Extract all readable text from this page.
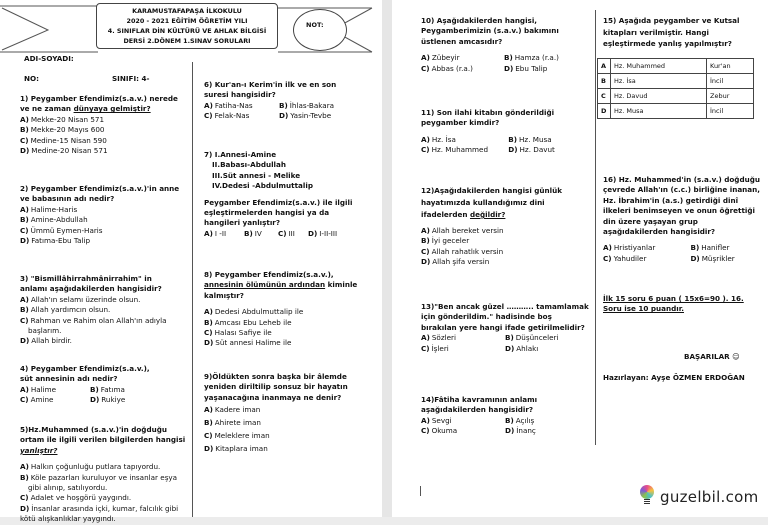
KARAMUSTAFAPAŞA İLKOKULU
2020 - 2021 EĞİTİM ÖĞRETİM YILI
4. SINIFLAR DİN KÜLTÜRÜ VE AHLAK BİLGİSİ
DERSİ 2.DÖNEM 1.SINAV SORULARI
NOT:
ADI-SOYADI:
NO:	SINIFI: 4-
1) Peygamber Efendimiz(s.a.v.) nerede ve ne zaman dünyaya gelmiştir?
A) Mekke-20 Nisan 571
B) Mekke-20 Mayıs 600
C) Medine-15 Nisan 590
D) Medine-20 Nisan 571
2) Peygamber Efendimiz(s.a.v.)'in anne ve babasının adı nedir?
A) Halime-Haris
B) Amine-Abdullah
C) Ümmü Eymen-Haris
D) Fatıma-Ebu Talip
3) "Bismillâhirrahmânirrahim" in anlamı aşağıdakilerden hangisidir?
A) Allah'ın selamı üzerinde olsun.
B) Allah yardımcın olsun.
C) Rahman ve Rahim olan Allah'ın adıyla başlarım.
D) Allah birdir.
4) Peygamber Efendimiz(s.a.v.), süt annesinin adı nedir?
A) Halime	B) Fatıma
C) Amine	D) Rukiye
5)Hz.Muhammed (s.a.v.)'in doğduğu ortam ile ilgili verilen bilgilerden hangisi yanlıştır?
A) Halkın çoğunluğu putlara tapıyordu.
B) Köle pazarları kuruluyor ve insanlar eşya gibi alınıp, satılıyordu.
C) Adalet ve hoşgörü yaygındı.
D) İnsanlar arasında içki, kumar, falcılık gibi kötü alışkanlıklar yaygındı.
6) Kur'an-ı Kerim'in ilk ve en son suresi hangisidir?
A) Fatiha-Nas	B) İhlas-Bakara
C) Felak-Nas	D) Yasin-Tevbe
7) I.Annesi-Amine
II.Babası-Abdullah
III.Süt annesi - Melike
IV.Dedesi -Abdulmuttalip
Peygamber Efendimiz(s.a.v.) ile ilgili eşleştirmelerden hangisi ya da hangileri yanlıştır?
A) I -II	B) IV	C) III	D) I-II-III
8) Peygamber Efendimiz(s.a.v.), annesinin ölümünün ardından kiminle kalmıştır?
A) Dedesi Abdulmuttalip ile
B) Amcası Ebu Leheb ile
C) Halası Safiye ile
D) Süt annesi Halime ile
9)Öldükten sonra başka bir âlemde yeniden diriltilip sonsuz bir hayatın yaşanacağına inanmaya ne denir?
A) Kadere iman
B) Ahirete iman
C) Meleklere iman
D) Kitaplara iman
10) Aşağıdakilerden hangisi, Peygamberimizin (s.a.v.) bakımını üstlenen amcasıdır?
A) Zübeyir	B) Hamza (r.a.)
C) Abbas (r.a.)	D) Ebu Talip
11) Son ilahi kitabın gönderildiği peygamber kimdir?
A) Hz. İsa	B) Hz. Musa
C) Hz. Muhammed	D) Hz. Davut
12)Aşağıdakilerden hangisi günlük hayatımızda kullandığımız dini ifadelerden değildir?
A) Allah bereket versin
B) İyi geceler
C) Allah rahatlık versin
D) Allah şifa versin
13)"Ben ancak güzel ……….. tamamlamak için gönderildim." hadisinde boş bırakılan yere hangi ifade getirilmelidir?
A) Sözleri	B) Düşünceleri
C) İşleri	D) Ahlakı
14)Fâtiha kavramının anlamı aşağıdakilerden hangisidir?
A) Sevgi	B) Açılış
C) Okuma	D) İnanç
15) Aşağıda peygamber ve Kutsal kitapları verilmiştir. Hangi eşleştirmede yanlış yapılmıştır?
A	Hz. Muhammed	Kur'an
B	Hz. İsa	İncil
C	Hz. Davud	Zebur
D	Hz. Musa	İncil
16) Hz. Muhammed'in (s.a.v.) doğduğu çevrede Allah'ın (c.c.) birliğine inanan, Hz. İbrahim'in (a.s.) getirdiği dinî ilkeleri benimseyen ve onun öğrettiği din üzere yaşayan grup aşağıdakilerden hangisidir?
A) Hristiyanlar	B) Hanifler
C) Yahudiler	D) Müşrikler
İlk 15 soru 6 puan ( 15x6=90 ). 16. Soru ise 10 puandır.
BAŞARILAR ☺
Hazırlayan: Ayşe ÖZMEN ERDOĞAN
guzelbil.com
